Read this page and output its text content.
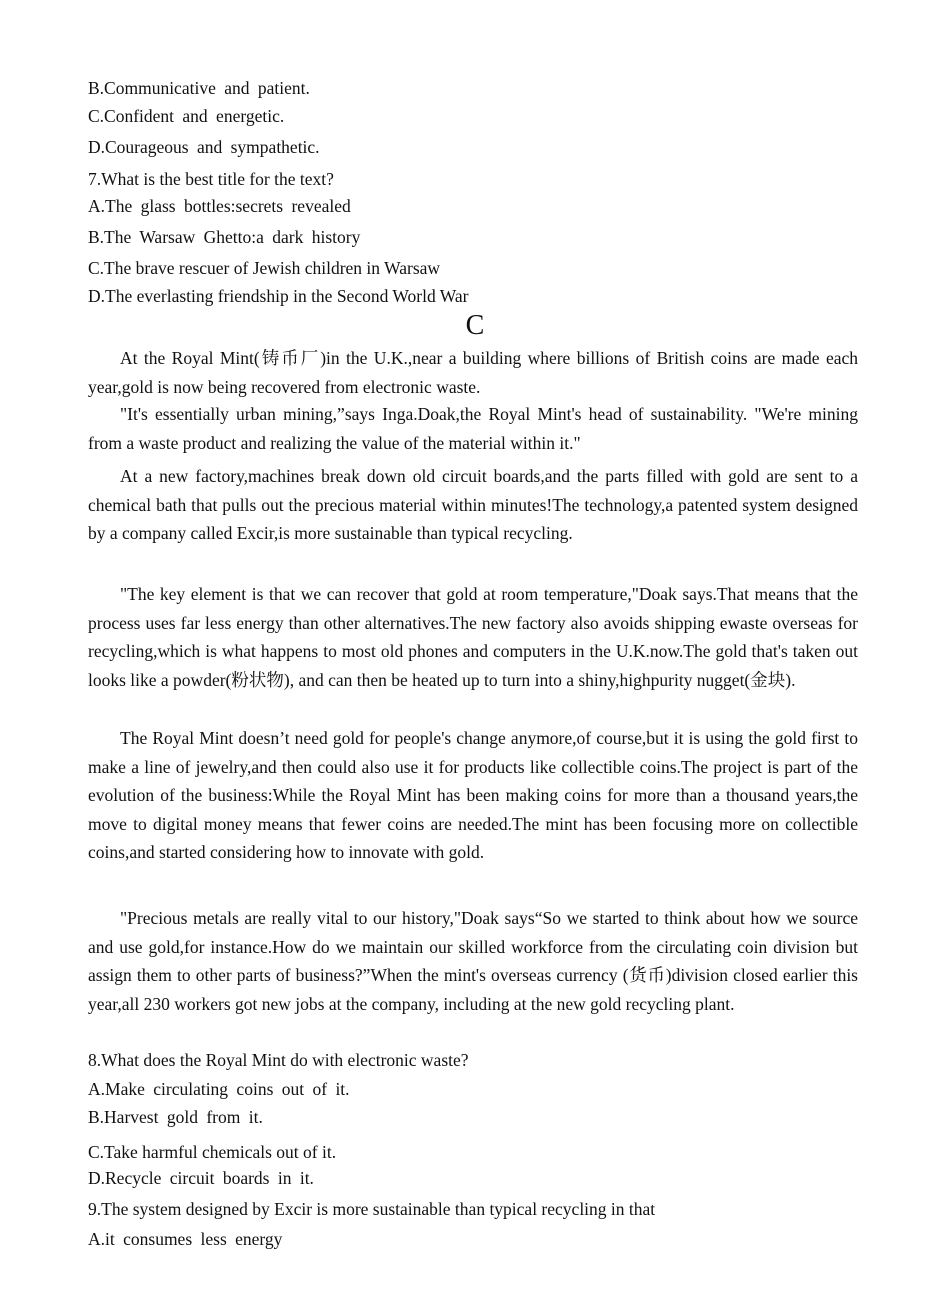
B.Communicative and patient.

C.Confident and energetic.

D.Courageous and sympathetic.

7.What is the best title for the text?

A.The glass bottles:secrets revealed

B.The Warsaw Ghetto:a dark history

C.The brave rescuer of Jewish children in Warsaw

D.The everlasting friendship in the Second World War

C

At the Royal Mint(铸币厂)in the U.K.,near a building where billions of British coins are made each year,gold is now being recovered from electronic waste.

"It's essentially urban mining,”says Inga.Doak,the Royal Mint's head of sustainability. "We're mining from a waste product and realizing the value of the material within it."

At a new factory,machines break down old circuit boards,and the parts filled with gold are sent to a chemical bath that pulls out the precious material within minutes!The technology,a patented system designed by a company called Excir,is more sustainable than typical recycling.

"The key element is that we can recover that gold at room temperature,"Doak says.That means that the process uses far less energy than other alternatives.The new factory also avoids shipping ewaste overseas for recycling,which is what happens to most old phones and computers in the U.K.now.The gold that's taken out looks like a powder(粉状物), and can then be heated up to turn into a shiny,highpurity nugget(金块).

The Royal Mint doesn’t need gold for people's change anymore,of course,but it is using the gold first to make a line of jewelry,and then could also use it for products like collectible coins.The project is part of the evolution of the business:While the Royal Mint has been making coins for more than a thousand years,the move to digital money means that fewer coins are needed.The mint has been focusing more on collectible coins,and started considering how to innovate with gold.

"Precious metals are really vital to our history,"Doak says“So we started to think about how we source and use gold,for instance.How do we maintain our skilled workforce from the circulating coin division but assign them to other parts of business?”When the mint's overseas currency (货币)division closed earlier this year,all 230 workers got new jobs at the company, including at the new gold recycling plant.

8.What does the Royal Mint do with electronic waste?

A.Make circulating coins out of it.

B.Harvest gold from it.

C.Take harmful chemicals out of it.

D.Recycle circuit boards in it.

9.The system designed by Excir is more sustainable than typical recycling in that

A.it consumes less energy
